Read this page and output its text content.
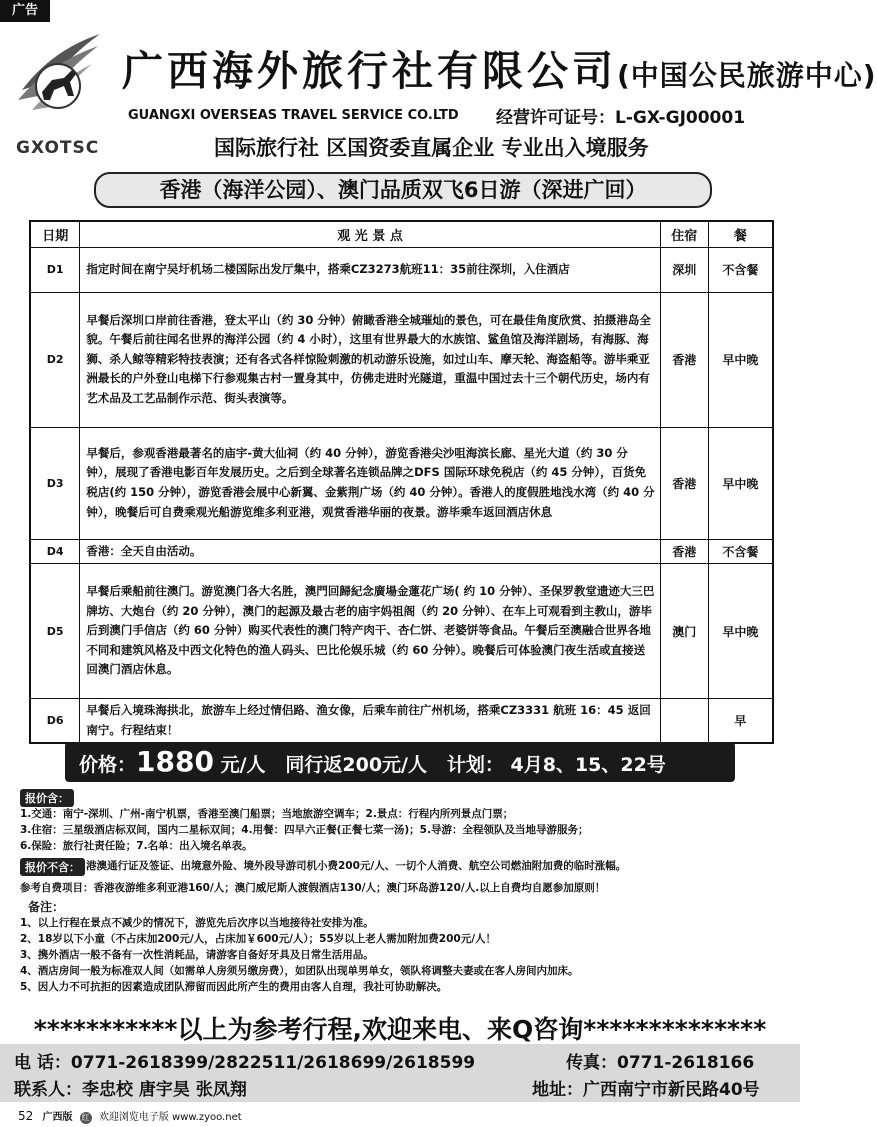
广告
GXOTSC
广西海外旅行社有限公司(中国公民旅游中心)
GUANGXI OVERSEAS TRAVEL SERVICE CO.LTD 经营许可证号：L-GX-GJ00001
国际旅行社 区国资委直属企业 专业出入境服务
香港（海洋公园）、澳门品质双飞6日游（深进广回）
日期	观 光 景 点	住宿	餐
D1	指定时间在南宁吴圩机场二楼国际出发厅集中，搭乘CZ3273航班11：35前往深圳，入住酒店	深圳	不含餐
D2	早餐后深圳口岸前往香港，登太平山（约 30 分钟）俯瞰香港全城璀灿的景色，可在最佳角度欣赏、拍摄港岛全貌。午餐后前往闻名世界的海洋公园（约 4 小时），这里有世界最大的水族馆、鲨鱼馆及海洋剧场，有海豚、海狮、杀人鲸等精彩特技表演；还有各式各样惊险刺激的机动游乐设施，如过山车、摩天轮、海盗船等。游毕乘亚洲最长的户外登山电梯下行参观集古村一置身其中，仿佛走进时光隧道，重温中国过去十三个朝代历史，场内有艺术品及工艺品制作示范、街头表演等。	香港	早中晚
D3	早餐后，参观香港最著名的庙宇-黄大仙祠（约 40 分钟），游览香港尖沙咀海滨长廊、星光大道（约 30 分钟），展现了香港电影百年发展历史。之后到全球著名连锁品牌之DFS 国际环球免税店（约 45 分钟），百货免税店(约 150 分钟），游览香港会展中心新翼、金紫荆广场（约 40 分钟）。香港人的度假胜地浅水湾（约 40 分钟），晚餐后可自费乘观光船游览维多利亚港，观赏香港华丽的夜景。游毕乘车返回酒店休息	香港	早中晚
D4	香港：全天自由活动。	香港	不含餐
D5	早餐后乘船前往澳门。游览澳门各大名胜，澳門回歸紀念廣場金蓮花广场( 约 10 分钟）、圣保罗教堂遗迹大三巴牌坊、大炮台（约 20 分钟），澳门的起源及最古老的庙宇妈祖阁（约 20 分钟）、在车上可观看到主教山，游毕后到澳门手信店（约 60 分钟）购买代表性的澳门特产肉干、杏仁饼、老婆饼等食品。午餐后至澳融合世界各地不同和建筑风格及中西文化特色的渔人码头、巴比伦娱乐城（约 60 分钟）。晚餐后可体验澳门夜生活或直接送回澳门酒店休息。	澳门	早中晚
D6	早餐后入境珠海拱北，旅游车上经过情侣路、渔女像，后乘车前往广州机场，搭乘CZ3331 航班 16：45 返回南宁。行程结束！		早
价格：1880 元/人 同行返200元/人 计划： 4月8、15、22号
报价含：
1.交通：南宁-深圳、广州-南宁机票，香港至澳门船票；当地旅游空调车；2.景点：行程内所列景点门票；
3.住宿：三星级酒店标双间，国内二星标双间；4.用餐：四早六正餐(正餐七菜一汤)；5.导游：全程领队及当地导游服务；
6.保险：旅行社责任险；7.名单：出入境名单表。
报价不含： 港澳通行证及签证、出境意外险、境外段导游司机小费200元/人、一切个人消费、航空公司燃油附加费的临时涨幅。
参考自费项目：香港夜游维多利亚港160/人；澳门威尼斯人渡假酒店130/人；澳门环岛游120/人.以上自费均自愿参加原则！
备注：
1、以上行程在景点不减少的情况下，游览先后次序以当地接待社安排为准。
2、18岁以下小童（不占床加200元/人，占床加￥600元/人）；55岁以上老人需加附加费200元/人！
3、携外酒店一般不备有一次性消耗品，请游客自备好牙具及日常生活用品。
4、酒店房间一般为标准双人间（如需单人房须另缴房费），如团队出现单男单女，领队将调整夫妻或在客人房间内加床。
5、因人力不可抗拒的因素造成团队滞留而因此所产生的费用由客人自理，我社可协助解决。
***********以上为参考行程,欢迎来电、来Q咨询**************
电 话：0771-2618399/2822511/2618699/2618599	传真：0771-2618166
联系人：李忠校 唐宇昊 张凤翔	地址：广西南宁市新民路40号
52 广西版 红 欢迎浏览电子版 www.zyoo.net
